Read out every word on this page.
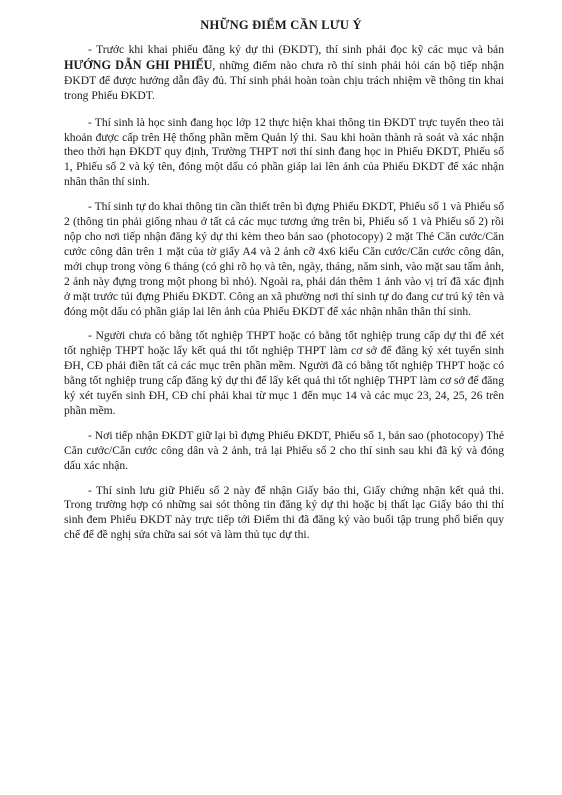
NHỮNG ĐIỂM CẦN LƯU Ý

- Trước khi khai phiếu đăng ký dự thi (ĐKDT), thí sinh phải đọc kỹ các mục và bản HƯỚNG DẪN GHI PHIẾU, những điểm nào chưa rõ thí sinh phải hỏi cán bộ tiếp nhận ĐKDT để được hướng dẫn đầy đủ. Thí sinh phải hoàn toàn chịu trách nhiệm về thông tin khai trong Phiếu ĐKDT.

- Thí sinh là học sinh đang học lớp 12 thực hiện khai thông tin ĐKDT trực tuyến theo tài khoản được cấp trên Hệ thống phần mềm Quản lý thi. Sau khi hoàn thành rà soát và xác nhận theo thời hạn ĐKDT quy định, Trường THPT nơi thí sinh đang học in Phiếu ĐKDT, Phiếu số 1, Phiếu số 2 và ký tên, đóng một dấu có phần giáp lai lên ảnh của Phiếu ĐKDT để xác nhận nhân thân thí sinh.

- Thí sinh tự do khai thông tin cần thiết trên bì đựng Phiếu ĐKDT, Phiếu số 1 và Phiếu số 2 (thông tin phải giống nhau ở tất cả các mục tương ứng trên bì, Phiếu số 1 và Phiếu số 2) rồi nộp cho nơi tiếp nhận đăng ký dự thi kèm theo bản sao (photocopy) 2 mặt Thẻ Căn cước/Căn cước công dân trên 1 mặt của tờ giấy A4 và 2 ảnh cỡ 4x6 kiểu Căn cước/Căn cước công dân, mới chụp trong vòng 6 tháng (có ghi rõ họ và tên, ngày, tháng, năm sinh, vào mặt sau tấm ảnh, 2 ảnh này đựng trong một phong bì nhỏ). Ngoài ra, phải dán thêm 1 ảnh vào vị trí đã xác định ở mặt trước túi đựng Phiếu ĐKDT. Công an xã phường nơi thí sinh tự do đang cư trú ký tên và đóng một dấu có phần giáp lai lên ảnh của Phiếu ĐKDT để xác nhận nhân thân thí sinh.

- Người chưa có bằng tốt nghiệp THPT hoặc có bằng tốt nghiệp trung cấp dự thi để xét tốt nghiệp THPT hoặc lấy kết quả thi tốt nghiệp THPT làm cơ sở để đăng ký xét tuyển sinh ĐH, CĐ phải điền tất cả các mục trên phần mềm. Người đã có bằng tốt nghiệp THPT hoặc có bằng tốt nghiệp trung cấp đăng ký dự thi để lấy kết quả thi tốt nghiệp THPT làm cơ sở để đăng ký xét tuyển sinh ĐH, CĐ chỉ phải khai từ mục 1 đến mục 14 và các mục 23, 24, 25, 26 trên phần mềm.

- Nơi tiếp nhận ĐKDT giữ lại bì đựng Phiếu ĐKDT, Phiếu số 1, bản sao (photocopy) Thẻ Căn cước/Căn cước công dân và 2 ảnh, trả lại Phiếu số 2 cho thí sinh sau khi đã ký và đóng dấu xác nhận.

- Thí sinh lưu giữ Phiếu số 2 này để nhận Giấy báo thi, Giấy chứng nhận kết quả thi. Trong trường hợp có những sai sót thông tin đăng ký dự thi hoặc bị thất lạc Giấy báo thi thí sinh đem Phiếu ĐKDT này trực tiếp tới Điểm thi đã đăng ký vào buổi tập trung phổ biến quy chế để đề nghị sửa chữa sai sót và làm thủ tục dự thi.
